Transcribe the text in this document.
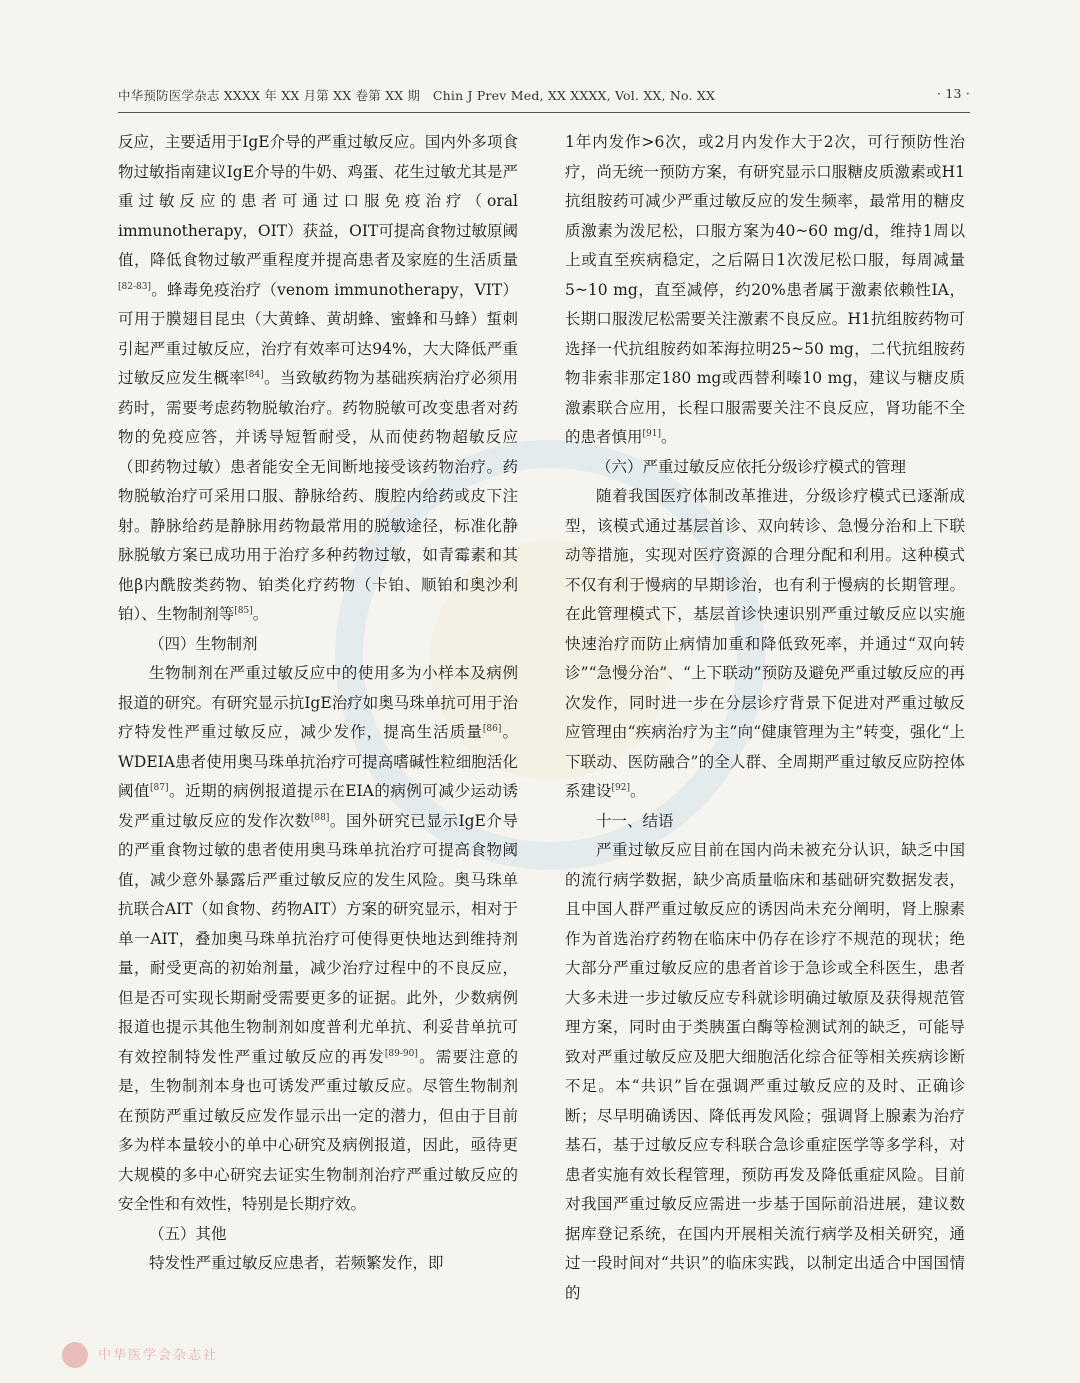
中华预防医学杂志 XXXX 年 XX 月第 XX 卷第 XX 期　Chin J Prev Med, XX XXXX, Vol. XX, No. XX	· 13 ·

反应，主要适用于IgE介导的严重过敏反应。国内外多项食物过敏指南建议IgE介导的牛奶、鸡蛋、花生过敏尤其是严重过敏反应的患者可通过口服免疫治疗（oral immunotherapy，OIT）获益，OIT可提高食物过敏原阈值，降低食物过敏严重程度并提高患者及家庭的生活质量[82-83]。蜂毒免疫治疗（venom immunotherapy，VIT）可用于膜翅目昆虫（大黄蜂、黄胡蜂、蜜蜂和马蜂）蜇刺引起严重过敏反应，治疗有效率可达94%，大大降低严重过敏反应发生概率[84]。当致敏药物为基础疾病治疗必须用药时，需要考虑药物脱敏治疗。药物脱敏可改变患者对药物的免疫应答，并诱导短暂耐受，从而使药物超敏反应（即药物过敏）患者能安全无间断地接受该药物治疗。药物脱敏治疗可采用口服、静脉给药、腹腔内给药或皮下注射。静脉给药是静脉用药物最常用的脱敏途径，标准化静脉脱敏方案已成功用于治疗多种药物过敏，如青霉素和其他β内酰胺类药物、铂类化疗药物（卡铂、顺铂和奥沙利铂）、生物制剂等[85]。

（四）生物制剂

生物制剂在严重过敏反应中的使用多为小样本及病例报道的研究。有研究显示抗IgE治疗如奥马珠单抗可用于治疗特发性严重过敏反应，减少发作，提高生活质量[86]。WDEIA患者使用奥马珠单抗治疗可提高嗜碱性粒细胞活化阈值[87]。近期的病例报道提示在EIA的病例可减少运动诱发严重过敏反应的发作次数[88]。国外研究已显示IgE介导的严重食物过敏的患者使用奥马珠单抗治疗可提高食物阈值，减少意外暴露后严重过敏反应的发生风险。奥马珠单抗联合AIT（如食物、药物AIT）方案的研究显示，相对于单一AIT，叠加奥马珠单抗治疗可使得更快地达到维持剂量，耐受更高的初始剂量，减少治疗过程中的不良反应，但是否可实现长期耐受需要更多的证据。此外，少数病例报道也提示其他生物制剂如度普利尤单抗、利妥昔单抗可有效控制特发性严重过敏反应的再发[89-90]。需要注意的是，生物制剂本身也可诱发严重过敏反应。尽管生物制剂在预防严重过敏反应发作显示出一定的潜力，但由于目前多为样本量较小的单中心研究及病例报道，因此，亟待更大规模的多中心研究去证实生物制剂治疗严重过敏反应的安全性和有效性，特别是长期疗效。

（五）其他

特发性严重过敏反应患者，若频繁发作，即

1年内发作>6次，或2月内发作大于2次，可行预防性治疗，尚无统一预防方案，有研究显示口服糖皮质激素或H1抗组胺药可减少严重过敏反应的发生频率，最常用的糖皮质激素为泼尼松，口服方案为40~60 mg/d，维持1周以上或直至疾病稳定，之后隔日1次泼尼松口服，每周减量5~10 mg，直至减停，约20%患者属于激素依赖性IA，长期口服泼尼松需要关注激素不良反应。H1抗组胺药物可选择一代抗组胺药如苯海拉明25~50 mg，二代抗组胺药物非索非那定180 mg或西替利嗪10 mg，建议与糖皮质激素联合应用，长程口服需要关注不良反应，肾功能不全的患者慎用[91]。

（六）严重过敏反应依托分级诊疗模式的管理

随着我国医疗体制改革推进，分级诊疗模式已逐渐成型，该模式通过基层首诊、双向转诊、急慢分治和上下联动等措施，实现对医疗资源的合理分配和利用。这种模式不仅有利于慢病的早期诊治，也有利于慢病的长期管理。在此管理模式下，基层首诊快速识别严重过敏反应以实施快速治疗而防止病情加重和降低致死率，并通过“双向转诊”“急慢分治”、“上下联动”预防及避免严重过敏反应的再次发作，同时进一步在分层诊疗背景下促进对严重过敏反应管理由“疾病治疗为主”向“健康管理为主”转变，强化“上下联动、医防融合”的全人群、全周期严重过敏反应防控体系建设[92]。

十一、结语

严重过敏反应目前在国内尚未被充分认识，缺乏中国的流行病学数据，缺少高质量临床和基础研究数据发表，且中国人群严重过敏反应的诱因尚未充分阐明，肾上腺素作为首选治疗药物在临床中仍存在诊疗不规范的现状；绝大部分严重过敏反应的患者首诊于急诊或全科医生，患者大多未进一步过敏反应专科就诊明确过敏原及获得规范管理方案，同时由于类胰蛋白酶等检测试剂的缺乏，可能导致对严重过敏反应及肥大细胞活化综合征等相关疾病诊断不足。本“共识”旨在强调严重过敏反应的及时、正确诊断；尽早明确诱因、降低再发风险；强调肾上腺素为治疗基石，基于过敏反应专科联合急诊重症医学等多学科，对患者实施有效长程管理，预防再发及降低重症风险。目前对我国严重过敏反应需进一步基于国际前沿进展，建议数据库登记系统，在国内开展相关流行病学及相关研究，通过一段时间对“共识”的临床实践，以制定出适合中国国情的

中华医学会杂志社
